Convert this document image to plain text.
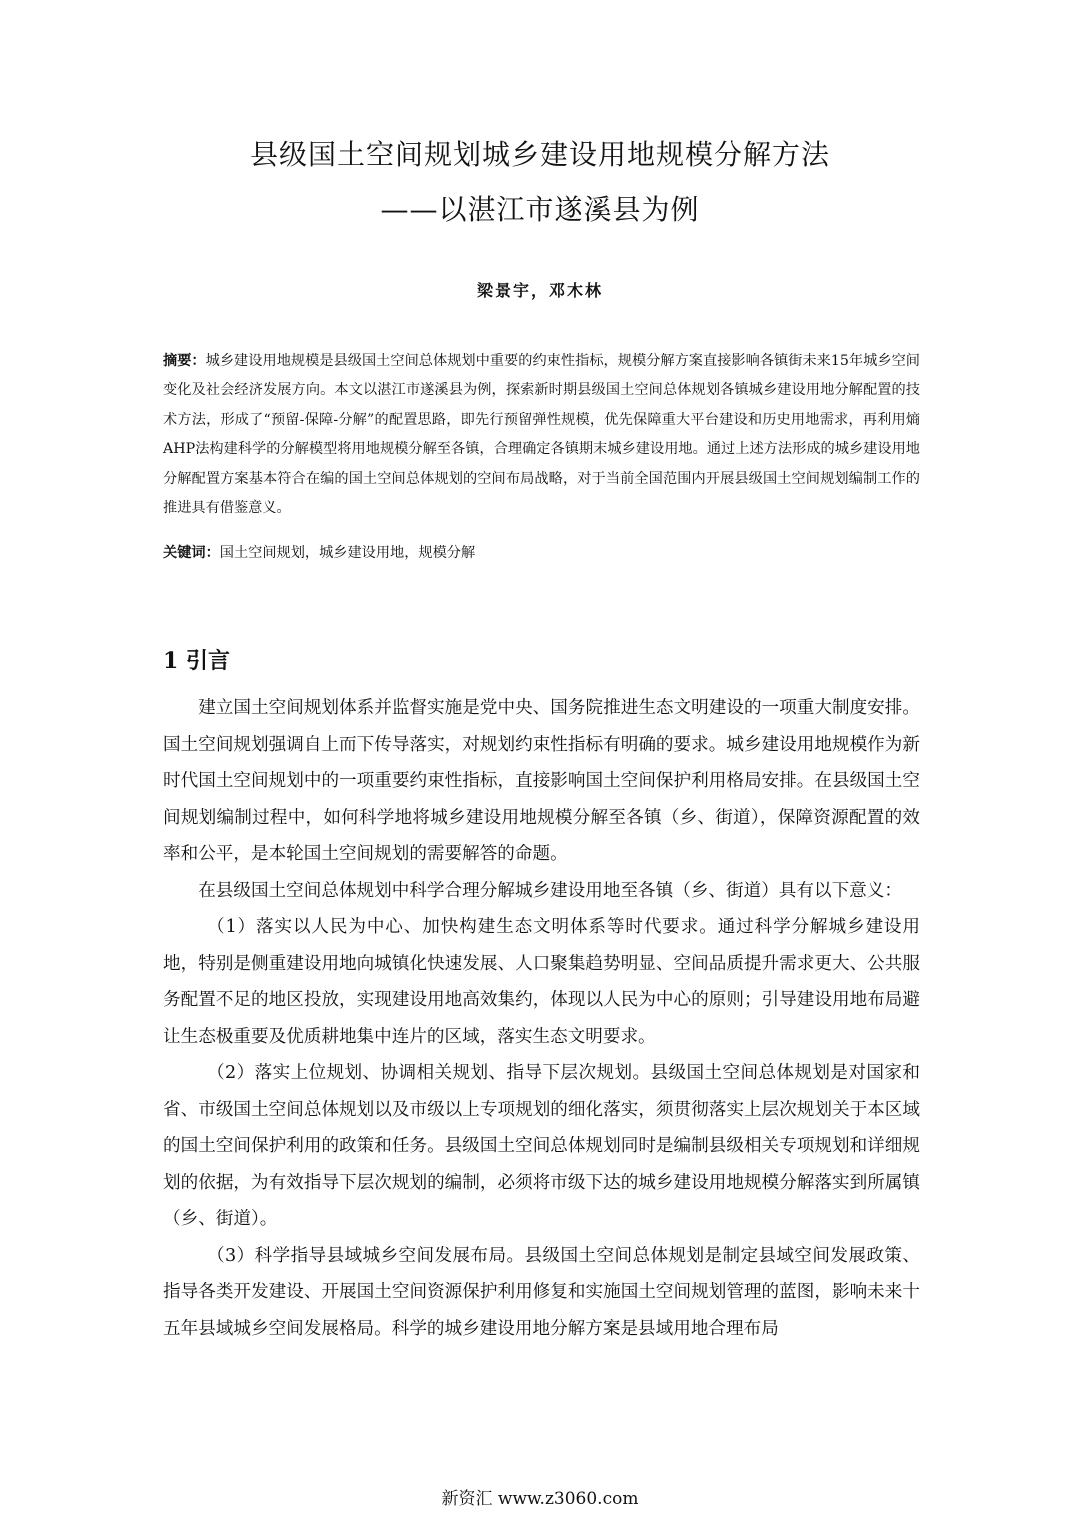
县级国土空间规划城乡建设用地规模分解方法
——以湛江市遂溪县为例
梁景宇，邓木林
摘要：城乡建设用地规模是县级国土空间总体规划中重要的约束性指标，规模分解方案直接影响各镇街未来15年城乡空间变化及社会经济发展方向。本文以湛江市遂溪县为例，探索新时期县级国土空间总体规划各镇城乡建设用地分解配置的技术方法，形成了“预留-保障-分解”的配置思路，即先行预留弹性规模，优先保障重大平台建设和历史用地需求，再利用熵AHP法构建科学的分解模型将用地规模分解至各镇，合理确定各镇期末城乡建设用地。通过上述方法形成的城乡建设用地分解配置方案基本符合在编的国土空间总体规划的空间布局战略，对于当前全国范围内开展县级国土空间规划编制工作的推进具有借鉴意义。
关键词：国土空间规划，城乡建设用地，规模分解
1 引言

建立国土空间规划体系并监督实施是党中央、国务院推进生态文明建设的一项重大制度安排。国土空间规划强调自上而下传导落实，对规划约束性指标有明确的要求。城乡建设用地规模作为新时代国土空间规划中的一项重要约束性指标，直接影响国土空间保护利用格局安排。在县级国土空间规划编制过程中，如何科学地将城乡建设用地规模分解至各镇（乡、街道），保障资源配置的效率和公平，是本轮国土空间规划的需要解答的命题。

在县级国土空间总体规划中科学合理分解城乡建设用地至各镇（乡、街道）具有以下意义：

（1）落实以人民为中心、加快构建生态文明体系等时代要求。通过科学分解城乡建设用地，特别是侧重建设用地向城镇化快速发展、人口聚集趋势明显、空间品质提升需求更大、公共服务配置不足的地区投放，实现建设用地高效集约，体现以人民为中心的原则；引导建设用地布局避让生态极重要及优质耕地集中连片的区域，落实生态文明要求。

（2）落实上位规划、协调相关规划、指导下层次规划。县级国土空间总体规划是对国家和省、市级国土空间总体规划以及市级以上专项规划的细化落实，须贯彻落实上层次规划关于本区域的国土空间保护利用的政策和任务。县级国土空间总体规划同时是编制县级相关专项规划和详细规划的依据，为有效指导下层次规划的编制，必须将市级下达的城乡建设用地规模分解落实到所属镇（乡、街道）。

（3）科学指导县域城乡空间发展布局。县级国土空间总体规划是制定县域空间发展政策、指导各类开发建设、开展国土空间资源保护利用修复和实施国土空间规划管理的蓝图，影响未来十五年县域城乡空间发展格局。科学的城乡建设用地分解方案是县域用地合理布局

新资汇 www.z3060.com
